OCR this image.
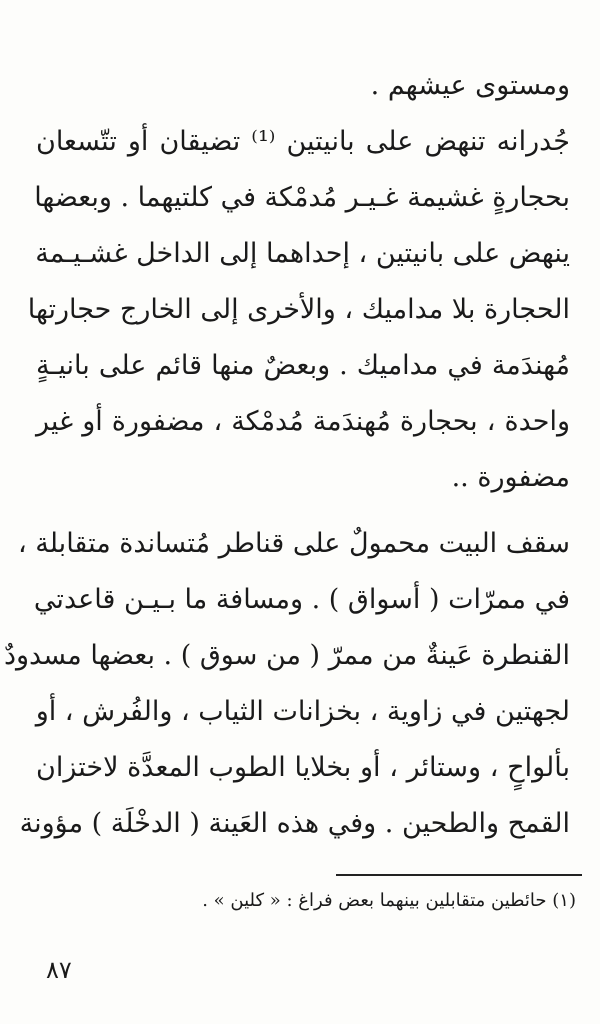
ومستوى عيشهم .
جُدرانه تنهض على بانيتين ⁽¹⁾ تضيقان أو تتّسعان
بحجارةٍ غشيمة غـيـر مُدمْكة في كلتيهما . وبعضها
ينهض على بانيتين ، إحداهما إلى الداخل غشـيـمة
الحجارة بلا مداميك ، والأخرى إلى الخارج حجارتها
مُهندَمة في مداميك . وبعضٌ منها قائم على بانيـةٍ
واحدة ، بحجارة مُهندَمة مُدمْكة ، مضفورة أو غير
مضفورة ..
سقف البيت محمولٌ على قناطر مُتساندة متقابلة ،
في ممرّات ( أسواق ) . ومسافة ما بـيـن قاعدتي
القنطرة عَينةٌ من ممرّ ( من سوق ) . بعضها مسدودٌ
لجهتين في زاوية ، بخزانات الثياب ، والفُرش ، أو
بألواحٍ ، وستائر ، أو بخلايا الطوب المعدَّة لاختزان
القمح والطحين . وفي هذه العَينة ( الدخْلَة ) مؤونة
(١) حائطين متقابلين بينهما بعض فراغ : « كلين » .
٨٧
